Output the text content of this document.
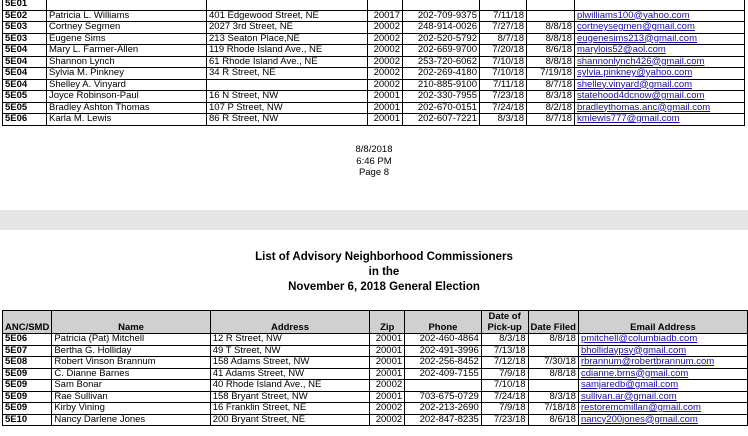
5E01							
5E02	Patricia L. Williams	401 Edgewood Street, NE	20017	202-709-9375	7/11/18		plwilliams100@yahoo.com
5E03	Cortney Segmen	2027 3rd Street, NE	20002	248-914-0026	7/27/18	8/8/18	cortneysegmen@gmail.com
5E03	Eugene Sims	213 Seaton Place,NE	20002	202-520-5792	8/7/18	8/8/18	eugenesims213@gmail.com
5E04	Mary L. Farmer-Allen	119 Rhode Island Ave., NE	20002	202-669-9700	7/20/18	8/6/18	marylois52@aol.com
5E04	Shannon Lynch	61 Rhode Island Ave., NE	20002	253-720-6062	7/10/18	8/8/18	shannonlynch426@gmail.com
5E04	Sylvia M. Pinkney	34 R Street, NE	20002	202-269-4180	7/10/18	7/19/18	sylvia.pinkney@yahoo.com
5E04	Shelley A. Vinyard		20002	210-885-9100	7/11/18	8/7/18	shelley.vinyard@gmail.com
5E05	Joyce Robinson-Paul	16 N Street, NW	20001	202-330-7955	7/23/18	8/3/18	statehood4dcnow@gmail.com
5E05	Bradley Ashton Thomas	107 P Street, NW	20001	202-670-0151	7/24/18	8/2/18	bradleythomas.anc@gmail.com
5E06	Karla M. Lewis	86 R Street, NW	20001	202-607-7221	8/3/18	8/7/18	kmlewis777@gmail.com
8/8/2018
6:46 PM
Page 8
List of Advisory Neighborhood Commissioners
in the
November 6, 2018 General Election
ANC/SMD	Name	Address	Zip	Phone	Date of
Pick-up	Date Filed	Email Address
5E06	Patricia (Pat) Mitchell	12 R Street, NW	20001	202-460-4864	8/3/18	8/8/18	pmitchell@columbiadb.com
5E07	Bertha G. Holliday	49 T Street, NW	20001	202-491-3996	7/13/18		bhollidaypsy@gmail.com
5E08	Robert Vinson Brannum	158 Adams Street, NW	20001	202-256-8452	7/12/18	7/30/18	rbrannum@robertbrannum.com
5E09	C. Dianne Barnes	41 Adams Street, NW	20001	202-409-7155	7/9/18	8/8/18	cdianne.brns@gmail.com
5E09	Sam Bonar	40 Rhode Island Ave., NE	20002		7/10/18		samjaredb@gmail.com
5E09	Rae Sullivan	158 Bryant Street, NW	20001	703-675-0729	7/24/18	8/3/18	sullivan.ar@gmail.com
5E09	Kirby Vining	16 Franklin Street, NE	20002	202-213-2690	7/9/18	7/18/18	restoremcmillan@gmail.com
5E10	Nancy Darlene Jones	200 Bryant Street, NE	20002	202-847-8235	7/23/18	8/6/18	nancy200jones@gmail.com
